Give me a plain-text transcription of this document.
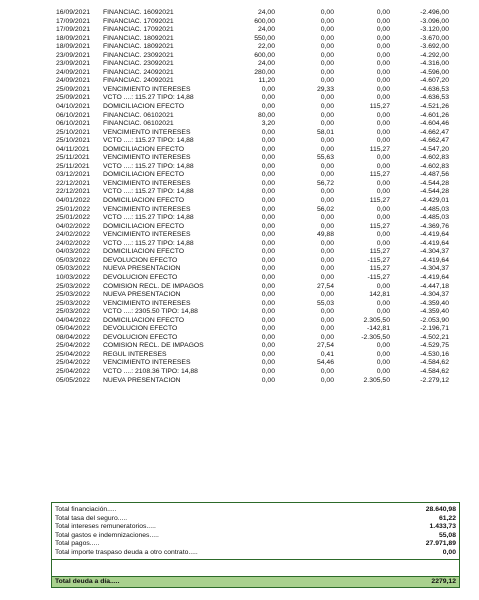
16/09/2021 FINANCIAC. 16092021	24,00	0,00	0,00	-2.496,00
17/09/2021 FINANCIAC. 17092021	600,00	0,00	0,00	-3.096,00
17/09/2021 FINANCIAC. 17092021	24,00	0,00	0,00	-3.120,00
18/09/2021 FINANCIAC. 18092021	550,00	0,00	0,00	-3.670,00
18/09/2021 FINANCIAC. 18092021	22,00	0,00	0,00	-3.692,00
23/09/2021 FINANCIAC. 23092021	600,00	0,00	0,00	-4.292,00
23/09/2021 FINANCIAC. 23092021	24,00	0,00	0,00	-4.316,00
24/09/2021 FINANCIAC. 24092021	280,00	0,00	0,00	-4.596,00
24/09/2021 FINANCIAC. 24092021	11,20	0,00	0,00	-4.607,20
25/09/2021 VENCIMIENTO INTERESES	0,00	29,33	0,00	-4.636,53
25/09/2021 VCTO ....: 115.27 TIPO: 14,88	0,00	0,00	0,00	-4.636,53
04/10/2021 DOMICILIACION EFECTO	0,00	0,00	115,27	-4.521,26
06/10/2021 FINANCIAC. 06102021	80,00	0,00	0,00	-4.601,26
06/10/2021 FINANCIAC. 06102021	3,20	0,00	0,00	-4.604,46
25/10/2021 VENCIMIENTO INTERESES	0,00	58,01	0,00	-4.662,47
25/10/2021 VCTO ....: 115.27 TIPO: 14,88	0,00	0,00	0,00	-4.662,47
04/11/2021 DOMICILIACION EFECTO	0,00	0,00	115,27	-4.547,20
25/11/2021 VENCIMIENTO INTERESES	0,00	55,63	0,00	-4.602,83
25/11/2021 VCTO ....: 115.27 TIPO: 14,88	0,00	0,00	0,00	-4.602,83
03/12/2021 DOMICILIACION EFECTO	0,00	0,00	115,27	-4.487,56
22/12/2021 VENCIMIENTO INTERESES	0,00	56,72	0,00	-4.544,28
22/12/2021 VCTO ....: 115.27 TIPO: 14,88	0,00	0,00	0,00	-4.544,28
04/01/2022 DOMICILIACION EFECTO	0,00	0,00	115,27	-4.429,01
25/01/2022 VENCIMIENTO INTERESES	0,00	56,02	0,00	-4.485,03
25/01/2022 VCTO ....: 115.27 TIPO: 14,88	0,00	0,00	0,00	-4.485,03
04/02/2022 DOMICILIACION EFECTO	0,00	0,00	115,27	-4.369,76
24/02/2022 VENCIMIENTO INTERESES	0,00	49,88	0,00	-4.419,64
24/02/2022 VCTO ....: 115.27 TIPO: 14,88	0,00	0,00	0,00	-4.419,64
04/03/2022 DOMICILIACION EFECTO	0,00	0,00	115,27	-4.304,37
05/03/2022 DEVOLUCION EFECTO	0,00	0,00	-115,27	-4.419,64
05/03/2022 NUEVA PRESENTACION	0,00	0,00	115,27	-4.304,37
10/03/2022 DEVOLUCION EFECTO	0,00	0,00	-115,27	-4.419,64
25/03/2022 COMISION RECL. DE IMPAGOS	0,00	27,54	0,00	-4.447,18
25/03/2022 NUEVA PRESENTACION	0,00	0,00	142,81	-4.304,37
25/03/2022 VENCIMIENTO INTERESES	0,00	55,03	0,00	-4.359,40
25/03/2022 VCTO ....: 2305.50 TIPO: 14,88	0,00	0,00	0,00	-4.359,40
04/04/2022 DOMICILIACION EFECTO	0,00	0,00	2.305,50	-2.053,90
05/04/2022 DEVOLUCION EFECTO	0,00	0,00	-142,81	-2.196,71
08/04/2022 DEVOLUCION EFECTO	0,00	0,00	-2.305,50	-4.502,21
25/04/2022 COMISION RECL. DE IMPAGOS	0,00	27,54	0,00	-4.529,75
25/04/2022 REGUL INTERESES	0,00	0,41	0,00	-4.530,16
25/04/2022 VENCIMIENTO INTERESES	0,00	54,46	0,00	-4.584,62
25/04/2022 VCTO ....: 2108.36 TIPO: 14,88	0,00	0,00	0,00	-4.584,62
05/05/2022 NUEVA PRESENTACION	0,00	0,00	2.305,50	-2.279,12
Total financiación.....	28.640,98
Total tasa del seguro.....	61,22
Total intereses remuneratorios.....	1.433,73
Total gastos e indemnizaciones.....	55,08
Total pagos.....	27.971,89
Total importe traspaso deuda a otro contrato.....	0,00
Total deuda a día.....	2279,12
